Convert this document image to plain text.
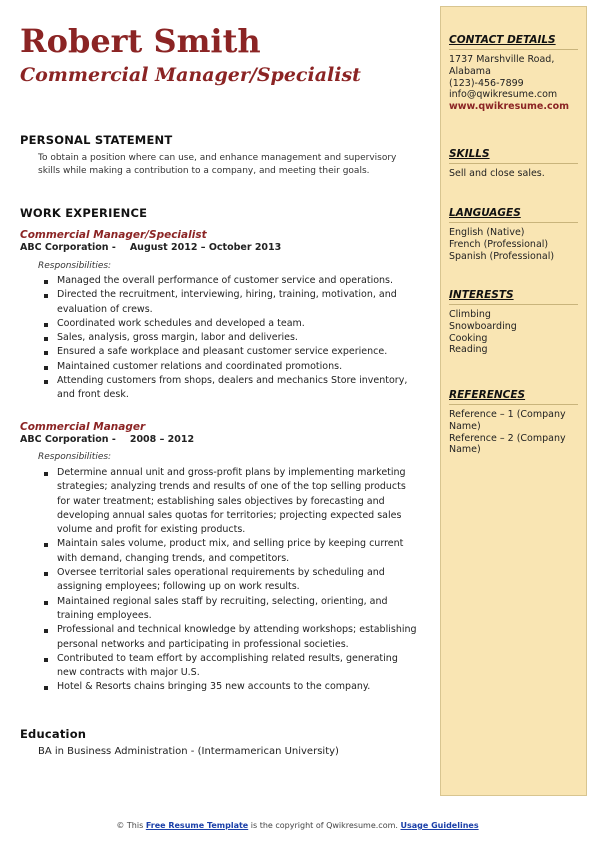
Robert Smith
Commercial Manager/Specialist
PERSONAL STATEMENT
To obtain a position where can use, and enhance management and supervisory skills while making a contribution to a company, and meeting their goals.
WORK EXPERIENCE
Commercial Manager/Specialist
ABC Corporation - August 2012 – October 2013
Responsibilities:
Managed the overall performance of customer service and operations.
Directed the recruitment, interviewing, hiring, training, motivation, and evaluation of crews.
Coordinated work schedules and developed a team.
Sales, analysis, gross margin, labor and deliveries.
Ensured a safe workplace and pleasant customer service experience.
Maintained customer relations and coordinated promotions.
Attending customers from shops, dealers and mechanics Store inventory, and front desk.
Commercial Manager
ABC Corporation - 2008 – 2012
Responsibilities:
Determine annual unit and gross-profit plans by implementing marketing strategies; analyzing trends and results of one of the top selling products for water treatment; establishing sales objectives by forecasting and developing annual sales quotas for territories; projecting expected sales volume and profit for existing products.
Maintain sales volume, product mix, and selling price by keeping current with demand, changing trends, and competitors.
Oversee territorial sales operational requirements by scheduling and assigning employees; following up on work results.
Maintained regional sales staff by recruiting, selecting, orienting, and training employees.
Professional and technical knowledge by attending workshops; establishing personal networks and participating in professional societies.
Contributed to team effort by accomplishing related results, generating new contracts with major U.S.
Hotel & Resorts chains bringing 35 new accounts to the company.
Education
BA in Business Administration - (Intermamerican University)
CONTACT DETAILS
1737 Marshville Road,
Alabama
(123)-456-7899
info@qwikresume.com
www.qwikresume.com
SKILLS
Sell and close sales.
LANGUAGES
English (Native)
French (Professional)
Spanish (Professional)
INTERESTS
Climbing
Snowboarding
Cooking
Reading
REFERENCES
Reference – 1 (Company Name)
Reference – 2 (Company Name)
© This Free Resume Template is the copyright of Qwikresume.com. Usage Guidelines
